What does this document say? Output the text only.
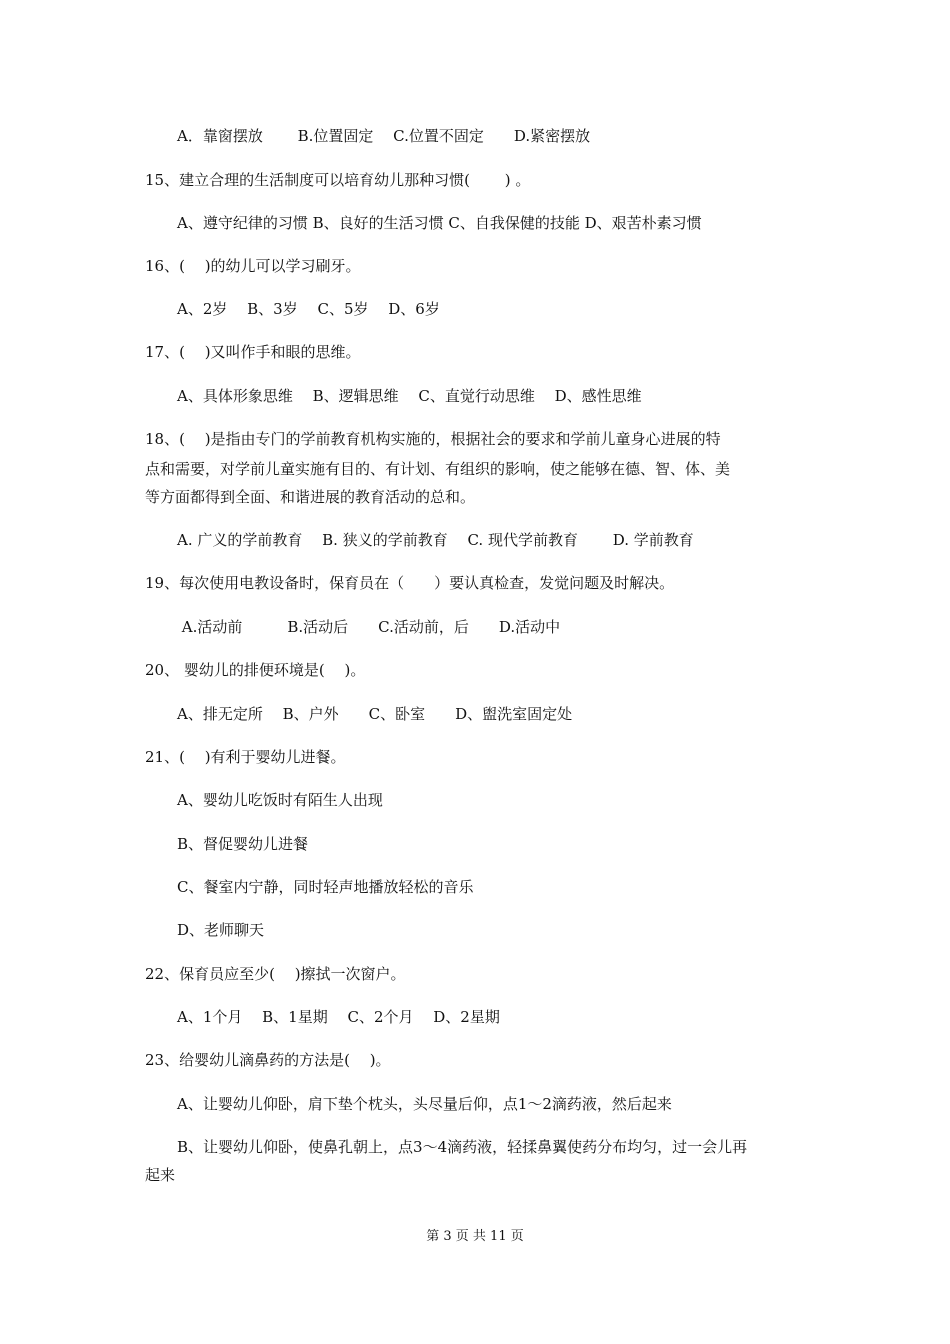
A．靠窗摆放　　 B.位置固定　 C.位置不固定　　D.紧密摆放
15、建立合理的生活制度可以培育幼儿那种习惯(　　 ) 。
A、遵守纪律的习惯 B、良好的生活习惯 C、自我保健的技能 D、艰苦朴素习惯
16、(　 )的幼儿可以学习刷牙。
A、2岁　 B、3岁　 C、5岁　 D、6岁
17、(　 )又叫作手和眼的思维。
A、具体形象思维　 B、逻辑思维　 C、直觉行动思维　 D、感性思维
18、(　 )是指由专门的学前教育机构实施的，根据社会的要求和学前儿童身心进展的特
点和需要，对学前儿童实施有目的、有计划、有组织的影响，使之能够在德、智、体、美
等方面都得到全面、和谐进展的教育活动的总和。
A. 广义的学前教育　 B. 狭义的学前教育　 C. 现代学前教育　　 D. 学前教育
19、每次使用电教设备时，保育员在（　　）要认真检查，发觉问题及时解决。
A.活动前　　　B.活动后　　C.活动前，后　　D.活动中
20、 婴幼儿的排便环境是(　 )。
A、排无定所　 B、户外　　C、卧室　　D、盥洗室固定处
21、(　 )有利于婴幼儿进餐。
A、婴幼儿吃饭时有陌生人出现
B、督促婴幼儿进餐
C、餐室内宁静，同时轻声地播放轻松的音乐
D、老师聊天
22、保育员应至少(　 )擦拭一次窗户。
A、1个月　 B、1星期　 C、2个月　 D、2星期
23、给婴幼儿滴鼻药的方法是(　 )。
A、让婴幼儿仰卧，肩下垫个枕头，头尽量后仰，点1～2滴药液，然后起来
B、让婴幼儿仰卧，使鼻孔朝上，点3～4滴药液，轻揉鼻翼使药分布均匀，过一会儿再
起来
第 3 页 共 11 页
